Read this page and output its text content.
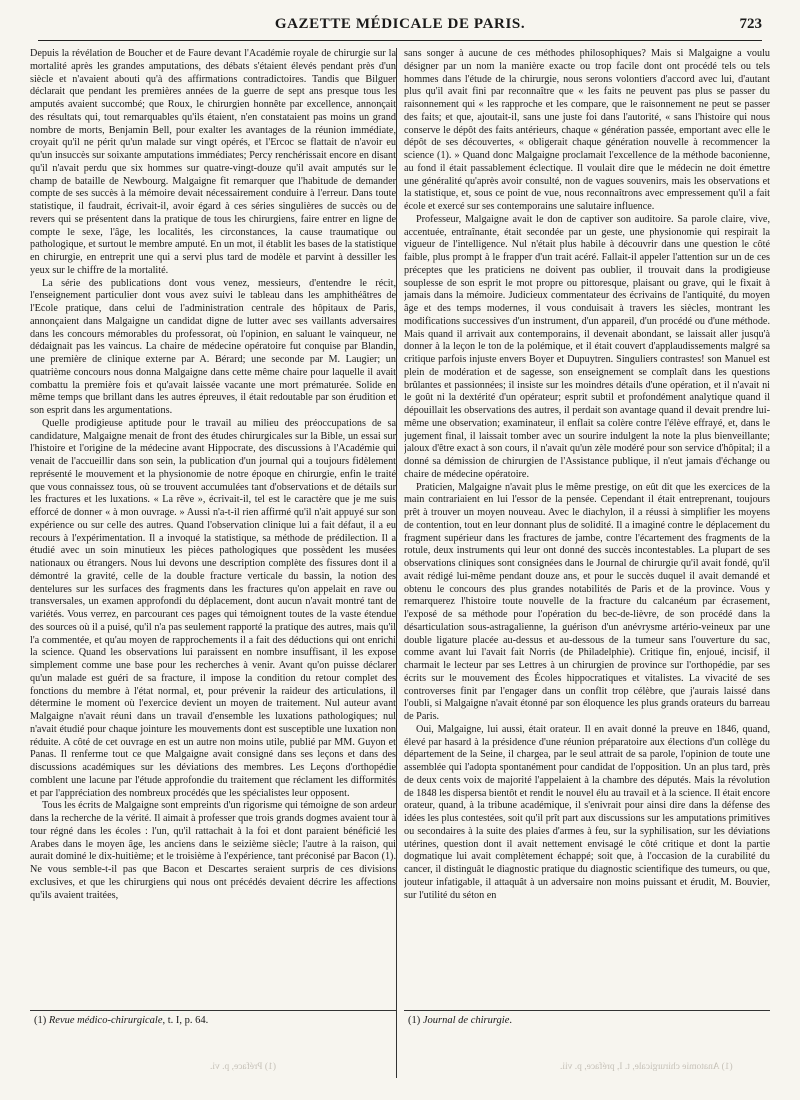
GAZETTE MÉDICALE DE PARIS.	723

Depuis la révélation de Boucher et de Faure devant l'Académie royale de chirurgie sur la mortalité après les grandes amputations, des débats s'étaient élevés pendant près d'un siècle et n'avaient abouti qu'à des affirmations contradictoires. Tandis que Bilguer déclarait que pendant les premières années de la guerre de sept ans presque tous les amputés avaient succombé; que Roux, le chirurgien honnête par excellence, annonçait des résultats qui, tout remarquables qu'ils étaient, n'en constataient pas moins un grand nombre de morts, Benjamin Bell, pour exalter les avantages de la réunion immédiate, croyait qu'il ne périt qu'un malade sur vingt opérés, et l'Ercoc se flattait de n'avoir eu qu'un insuccès sur soixante amputations immédiates; Percy renchérissait encore en disant qu'il n'avait perdu que six hommes sur quatre-vingt-douze qu'il avait amputés sur le champ de bataille de Newbourg. Malgaigne fit remarquer que l'habitude de demander compte de ses succès à la mémoire devait nécessairement conduire à l'erreur. Dans toute statistique, il faudrait, écrivait-il, avoir égard à ces séries singulières de succès ou de revers qui se présentent dans la pratique de tous les chirurgiens, faire entrer en ligne de compte le sexe, l'âge, les localités, les circonstances, la cause traumatique ou pathologique, et surtout le membre amputé. En un mot, il établit les bases de la statistique en chirurgie, en entreprit une qui a servi plus tard de modèle et parvint à dessiller les yeux sur le chiffre de la mortalité.

La série des publications dont vous venez, messieurs, d'entendre le récit, l'enseignement particulier dont vous avez suivi le tableau dans les amphithéâtres de l'Ecole pratique, dans celui de l'administration centrale des hôpitaux de Paris, annonçaient dans Malgaigne un candidat digne de lutter avec ses vaillants adversaires dans les concours mémorables du professorat, où l'opinion, en saluant le vainqueur, ne dédaignait pas les vaincus. La chaire de médecine opératoire fut conquise par Blandin, une première de clinique externe par A. Bérard; une seconde par M. Laugier; un quatrième concours nous donna Malgaigne dans cette même chaire pour laquelle il avait combattu la première fois et qu'avait laissée vacante une mort prématurée. Solide en même temps que brillant dans les autres épreuves, il était redoutable par son érudition et son esprit dans les argumentations.

Quelle prodigieuse aptitude pour le travail au milieu des préoccupations de sa candidature, Malgaigne menait de front des études chirurgicales sur la Bible, un essai sur l'histoire et l'origine de la médecine avant Hippocrate, des discussions à l'Académie qui venait de l'accueillir dans son sein, la publication d'un journal qui a toujours fidèlement représenté le mouvement et la physionomie de notre époque en chirurgie, enfin le traité que vous connaissez tous, où se trouvent accumulées tant d'observations et de détails sur les fractures et les luxations. « La rêve », écrivait-il, tel est le caractère que je me suis efforcé de donner « à mon ouvrage. » Aussi n'a-t-il rien affirmé qu'il n'ait appuyé sur son expérience ou sur celle des autres. Quand l'observation clinique lui a fait défaut, il a eu recours à l'expérimentation. Il a invoqué la statistique, sa méthode de prédilection. Il a étudié avec un soin minutieux les pièces pathologiques que possèdent les musées nationaux ou étrangers. Nous lui devons une description complète des fissures dont il a démontré la gravité, celle de la double fracture verticale du bassin, la notion des dentelures sur les surfaces des fragments dans les fractures qu'on appelait en rave ou transversales, un examen approfondi du déplacement, dont aucun n'avait montré tant de variétés. Vous verrez, en parcourant ces pages qui témoignent toutes de la vaste étendue des sources où il a puisé, qu'il n'a pas seulement rapporté la pratique des autres, mais qu'il l'a commentée, et qu'au moyen de rapprochements il a fait des déductions qui ont enrichi la science. Quand les observations lui paraissent en nombre insuffisant, il les expose simplement comme une base pour les recherches à venir. Avant qu'on puisse déclarer qu'un malade est guéri de sa fracture, il impose la condition du retour complet des fonctions du membre à l'état normal, et, pour prévenir la raideur des articulations, il détermine le moment où l'exercice devient un moyen de traitement. Nul auteur avant Malgaigne n'avait réuni dans un travail d'ensemble les luxations pathologiques; nul n'avait étudié pour chaque jointure les mouvements dont est susceptible une luxation non réduite. A côté de cet ouvrage en est un autre non moins utile, publié par MM. Guyon et Panas. Il renferme tout ce que Malgaigne avait consigné dans ses leçons et dans des discussions académiques sur les déviations des membres. Les Leçons d'orthopédie comblent une lacune par l'étude approfondie du traitement que réclament les difformités et par l'appréciation des nombreux procédés que les spécialistes leur opposent.

Tous les écrits de Malgaigne sont empreints d'un rigorisme qui témoigne de son ardeur dans la recherche de la vérité. Il aimait à professer que trois grands dogmes avaient tour à tour régné dans les écoles : l'un, qu'il rattachait à la foi et dont paraient bénéficié les Arabes dans le moyen âge, les anciens dans le seizième siècle; l'autre à la raison, qui aurait dominé le dix-huitième; et le troisième à l'expérience, tant préconisé par Bacon (1). Ne vous semble-t-il pas que Bacon et Descartes seraient surpris de ces divisions exclusives, et que les chirurgiens qui nous ont précédés devaient décrire les affections qu'ils avaient traitées,

sans songer à aucune de ces méthodes philosophiques? Mais si Malgaigne a voulu désigner par un nom la manière exacte ou trop facile dont ont procédé tels ou tels hommes dans l'étude de la chirurgie, nous serons volontiers d'accord avec lui, d'autant plus qu'il avait fini par reconnaître que « les faits ne peuvent pas plus se passer du raisonnement qui « les rapproche et les compare, que le raisonnement ne peut se passer des faits; et que, ajoutait-il, sans une juste foi dans l'autorité, « sans l'histoire qui nous conserve le dépôt des faits antérieurs, chaque « génération passée, emportant avec elle le dépôt de ses découvertes, « obligerait chaque génération nouvelle à recommencer la science (1). » Quand donc Malgaigne proclamait l'excellence de la méthode baconienne, au fond il était passablement éclectique. Il voulait dire que le médecin ne doit émettre une généralité qu'après avoir consulté, non de vagues souvenirs, mais les observations et la statistique, et, sous ce point de vue, nous reconnaîtrons avec empressement qu'il a fait école et exercé sur ses contemporains une salutaire influence.

Professeur, Malgaigne avait le don de captiver son auditoire. Sa parole claire, vive, accentuée, entraînante, était secondée par un geste, une physionomie qui respirait la vigueur de l'intelligence. Nul n'était plus habile à découvrir dans une question le côté faible, plus prompt à le frapper d'un trait acéré. Fallait-il appeler l'attention sur un de ces préceptes que les praticiens ne doivent pas oublier, il trouvait dans la prodigieuse souplesse de son esprit le mot propre ou pittoresque, plaisant ou grave, qui le fixait à jamais dans la mémoire. Judicieux commentateur des écrivains de l'antiquité, du moyen âge et des temps modernes, il vous conduisait à travers les siècles, montrant les modifications successives d'un instrument, d'un appareil, d'un procédé ou d'une méthode. Mais quand il arrivait aux contemporains, il devenait abondant, se laissait aller jusqu'à donner à la leçon le ton de la polémique, et il était couvert d'applaudissements malgré sa critique parfois injuste envers Boyer et Dupuytren. Singuliers contrastes! son Manuel est plein de modération et de sagesse, son enseignement se complaît dans les questions brûlantes et passionnées; il insiste sur les moindres détails d'une opération, et il n'avait ni le goût ni la dextérité d'un opérateur; esprit subtil et profondément analytique quand il dépouillait les observations des autres, il perdait son avantage quand il devait prendre lui-même une observation; examinateur, il enflait sa colère contre l'élève effrayé, et, dans le jugement final, il laissait tomber avec un sourire indulgent la note la plus bienveillante; jaloux d'être exact à son cours, il n'avait qu'un zèle modéré pour son service d'hôpital; il a donné sa démission de chirurgien de l'Assistance publique, il n'eut jamais d'échange ou chaire de médecine opératoire.

Praticien, Malgaigne n'avait plus le même prestige, on eût dit que les exercices de la main contrariaient en lui l'essor de la pensée. Cependant il était entreprenant, toujours prêt à trouver un moyen nouveau. Avec le diachylon, il a réussi à simplifier les moyens de contention, tout en leur donnant plus de solidité. Il a imaginé contre le déplacement du fragment supérieur dans les fractures de jambe, contre l'écartement des fragments de la rotule, deux instruments qui leur ont donné des succès incontestables. La plupart de ses observations cliniques sont consignées dans le Journal de chirurgie qu'il avait fondé, qu'il avait rédigé lui-même pendant douze ans, et pour le succès duquel il avait demandé et obtenu le concours des plus grandes notabilités de Paris et de la province. Vous y remarquerez l'histoire toute nouvelle de la fracture du calcanéum par écrasement, l'exposé de sa méthode pour l'opération du bec-de-lièvre, de son procédé dans la désarticulation sous-astragalienne, la guérison d'un anévrysme artério-veineux par une double ligature placée au-dessus et au-dessous de la tumeur sans l'ouverture du sac, comme avant lui l'avait fait Norris (de Philadelphie). Critique fin, enjoué, incisif, il charmait le lecteur par ses Lettres à un chirurgien de province sur l'orthopédie, par ses écrits sur le mouvement des Écoles hippocratiques et vitalistes. La vivacité de ses controverses finit par l'engager dans un conflit trop célèbre, que j'aurais laissé dans l'oubli, si Malgaigne n'avait étonné par son éloquence les plus grands orateurs du barreau de Paris.

Oui, Malgaigne, lui aussi, était orateur. Il en avait donné la preuve en 1846, quand, élevé par hasard à la présidence d'une réunion préparatoire aux élections d'un collège du département de la Seine, il chargea, par le seul attrait de sa parole, l'opinion de toute une assemblée qui l'adopta spontanément pour candidat de l'opposition. Un an plus tard, près de deux cents voix de majorité l'appelaient à la chambre des députés. Mais la révolution de 1848 les dispersa bientôt et rendit le nouvel élu au travail et à la science. Il était encore orateur, quand, à la tribune académique, il s'enivrait pour ainsi dire dans la défense des idées les plus contestées, soit qu'il prît part aux discussions sur les amputations primitives ou secondaires à la suite des plaies d'armes à feu, sur la syphilisation, sur les déviations utérines, question dont il avait nettement envisagé le côté critique et dont la partie dogmatique lui avait complètement échappé; soit que, à l'occasion de la curabilité du cancer, il distinguât le diagnostic pratique du diagnostic scientifique des tumeurs, ou que, jouteur infatigable, il attaquât à un adversaire non moins puissant et érudit, M. Bouvier, sur l'utilité du séton en

(1) Revue médico-chirurgicale, t. I, p. 64.	(1) Journal de chirurgie.
(1) Préface, p. vi.	(1) Anatomie chirurgicale, t. I, préface, p. vii.
